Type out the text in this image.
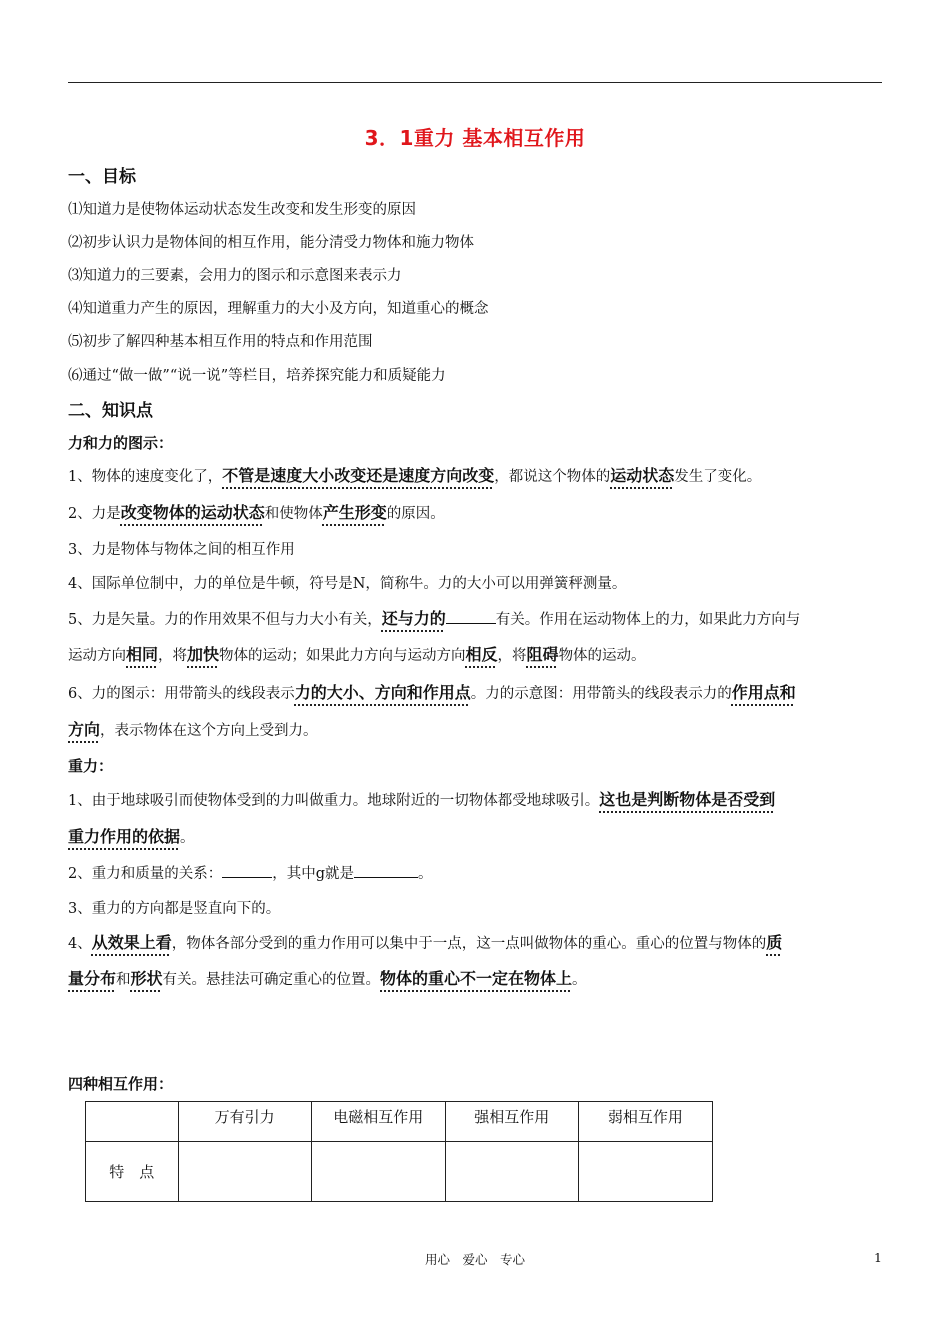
3．1重力 基本相互作用
一、目标
⑴知道力是使物体运动状态发生改变和发生形变的原因
⑵初步认识力是物体间的相互作用，能分清受力物体和施力物体
⑶知道力的三要素，会用力的图示和示意图来表示力
⑷知道重力产生的原因，理解重力的大小及方向，知道重心的概念
⑸初步了解四种基本相互作用的特点和作用范围
⑹通过“做一做”“说一说”等栏目，培养探究能力和质疑能力
二、知识点
力和力的图示：
1、物体的速度变化了，不管是速度大小改变还是速度方向改变，都说这个物体的运动状态发生了变化。
2、力是改变物体的运动状态和使物体产生形变的原因。
3、力是物体与物体之间的相互作用
4、国际单位制中，力的单位是牛顿，符号是N，简称牛。力的大小可以用弹簧秤测量。
5、力是矢量。力的作用效果不但与力大小有关，还与力的	有关。作用在运动物体上的力，如果此力方向与
运动方向相同，将加快物体的运动；如果此力方向与运动方向相反，将阻碍物体的运动。
6、力的图示：用带箭头的线段表示力的大小、方向和作用点。力的示意图：用带箭头的线段表示力的作用点和
方向，表示物体在这个方向上受到力。
重力：
1、由于地球吸引而使物体受到的力叫做重力。地球附近的一切物体都受地球吸引。这也是判断物体是否受到
重力作用的依据。
2、重力和质量的关系：	，其中g就是	。
3、重力的方向都是竖直向下的。
4、从效果上看，物体各部分受到的重力作用可以集中于一点，这一点叫做物体的重心。重心的位置与物体的质
量分布和形状有关。悬挂法可确定重心的位置。物体的重心不一定在物体上。
四种相互作用：
	万有引力	电磁相互作用	强相互作用	弱相互作用
特　点				
用心　爱心　专心	1
